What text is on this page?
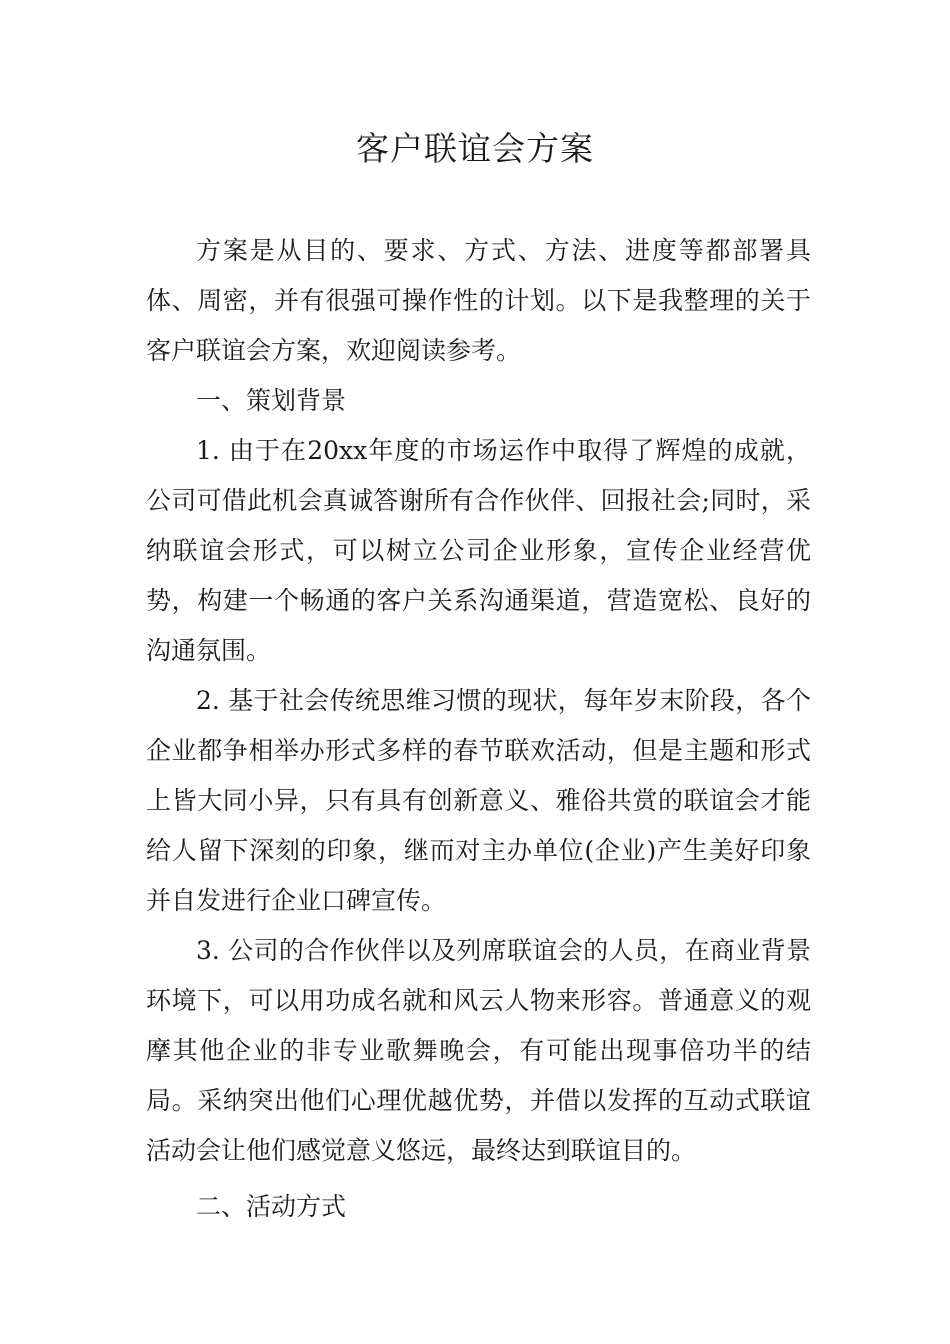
客户联谊会方案

方案是从目的、要求、方式、方法、进度等都部署具体、周密，并有很强可操作性的计划。以下是我整理的关于客户联谊会方案，欢迎阅读参考。

一、策划背景

1. 由于在20xx年度的市场运作中取得了辉煌的成就，公司可借此机会真诚答谢所有合作伙伴、回报社会;同时，采纳联谊会形式，可以树立公司企业形象，宣传企业经营优势，构建一个畅通的客户关系沟通渠道，营造宽松、良好的沟通氛围。

2. 基于社会传统思维习惯的现状，每年岁末阶段，各个企业都争相举办形式多样的春节联欢活动，但是主题和形式上皆大同小异，只有具有创新意义、雅俗共赏的联谊会才能给人留下深刻的印象，继而对主办单位(企业)产生美好印象并自发进行企业口碑宣传。

3. 公司的合作伙伴以及列席联谊会的人员，在商业背景环境下，可以用功成名就和风云人物来形容。普通意义的观摩其他企业的非专业歌舞晚会，有可能出现事倍功半的结局。采纳突出他们心理优越优势，并借以发挥的互动式联谊活动会让他们感觉意义悠远，最终达到联谊目的。

二、活动方式
